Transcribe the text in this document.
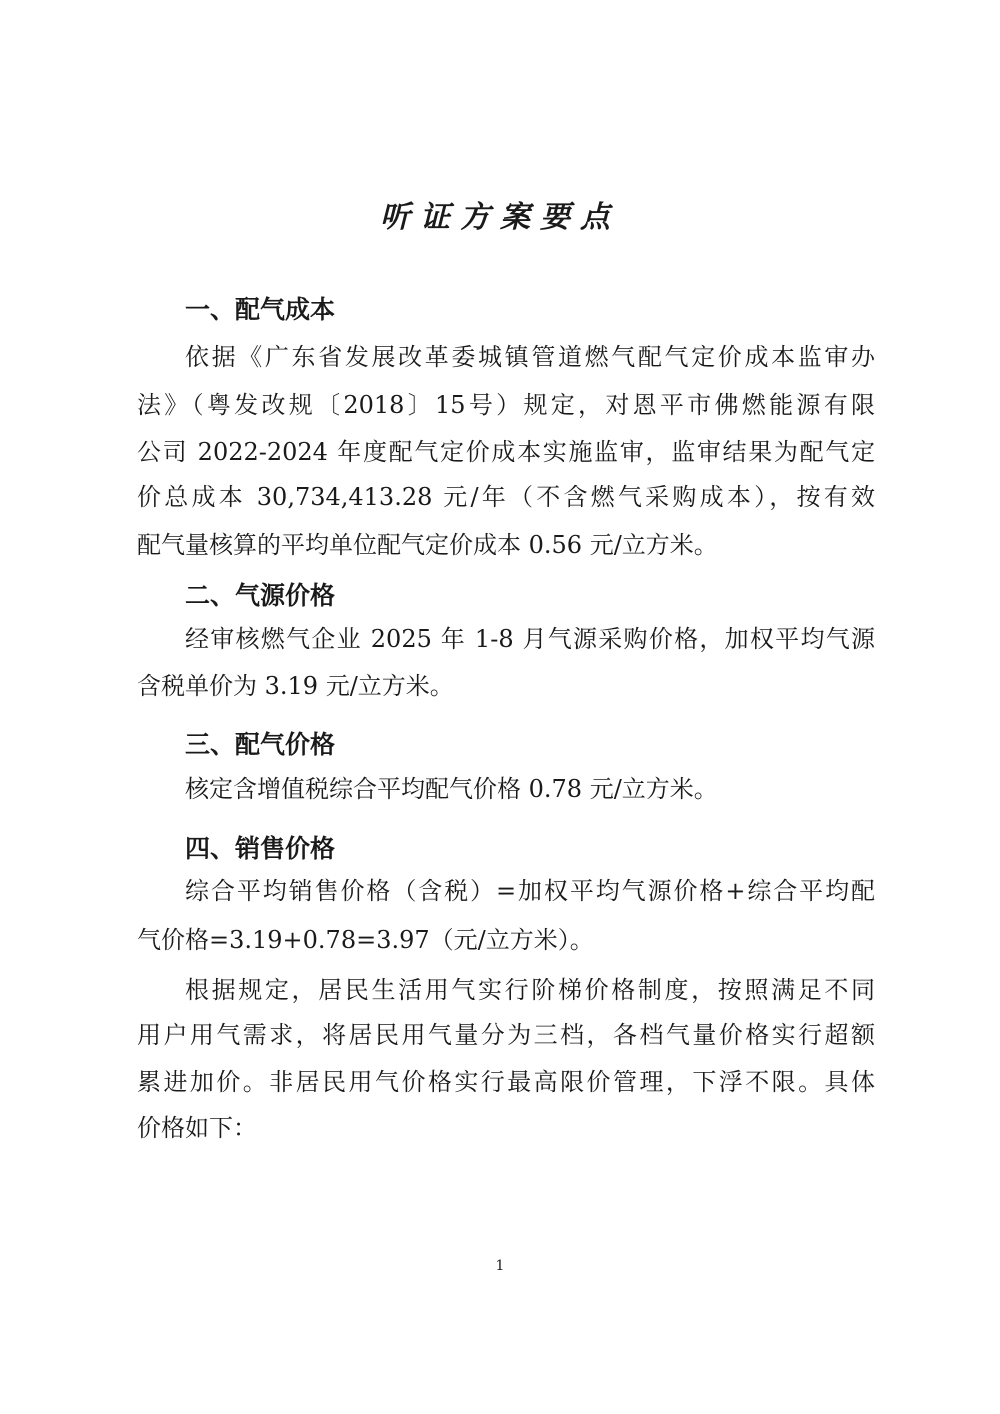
听证方案要点
一、配气成本
依据《广东省发展改革委城镇管道燃气配气定价成本监审办
法》（粤发改规〔2018〕15号）规定，对恩平市佛燃能源有限
公司 2022-2024 年度配气定价成本实施监审，监审结果为配气定
价总成本 30,734,413.28 元/年（不含燃气采购成本），按有效
配气量核算的平均单位配气定价成本 0.56 元/立方米。
二、气源价格
经审核燃气企业 2025 年 1-8 月气源采购价格，加权平均气源
含税单价为 3.19 元/立方米。
三、配气价格
核定含增值税综合平均配气价格 0.78 元/立方米。
四、销售价格
综合平均销售价格（含税）=加权平均气源价格+综合平均配
气价格=3.19+0.78=3.97（元/立方米）。
根据规定，居民生活用气实行阶梯价格制度，按照满足不同
用户用气需求，将居民用气量分为三档，各档气量价格实行超额
累进加价。非居民用气价格实行最高限价管理，下浮不限。具体
价格如下：
1
